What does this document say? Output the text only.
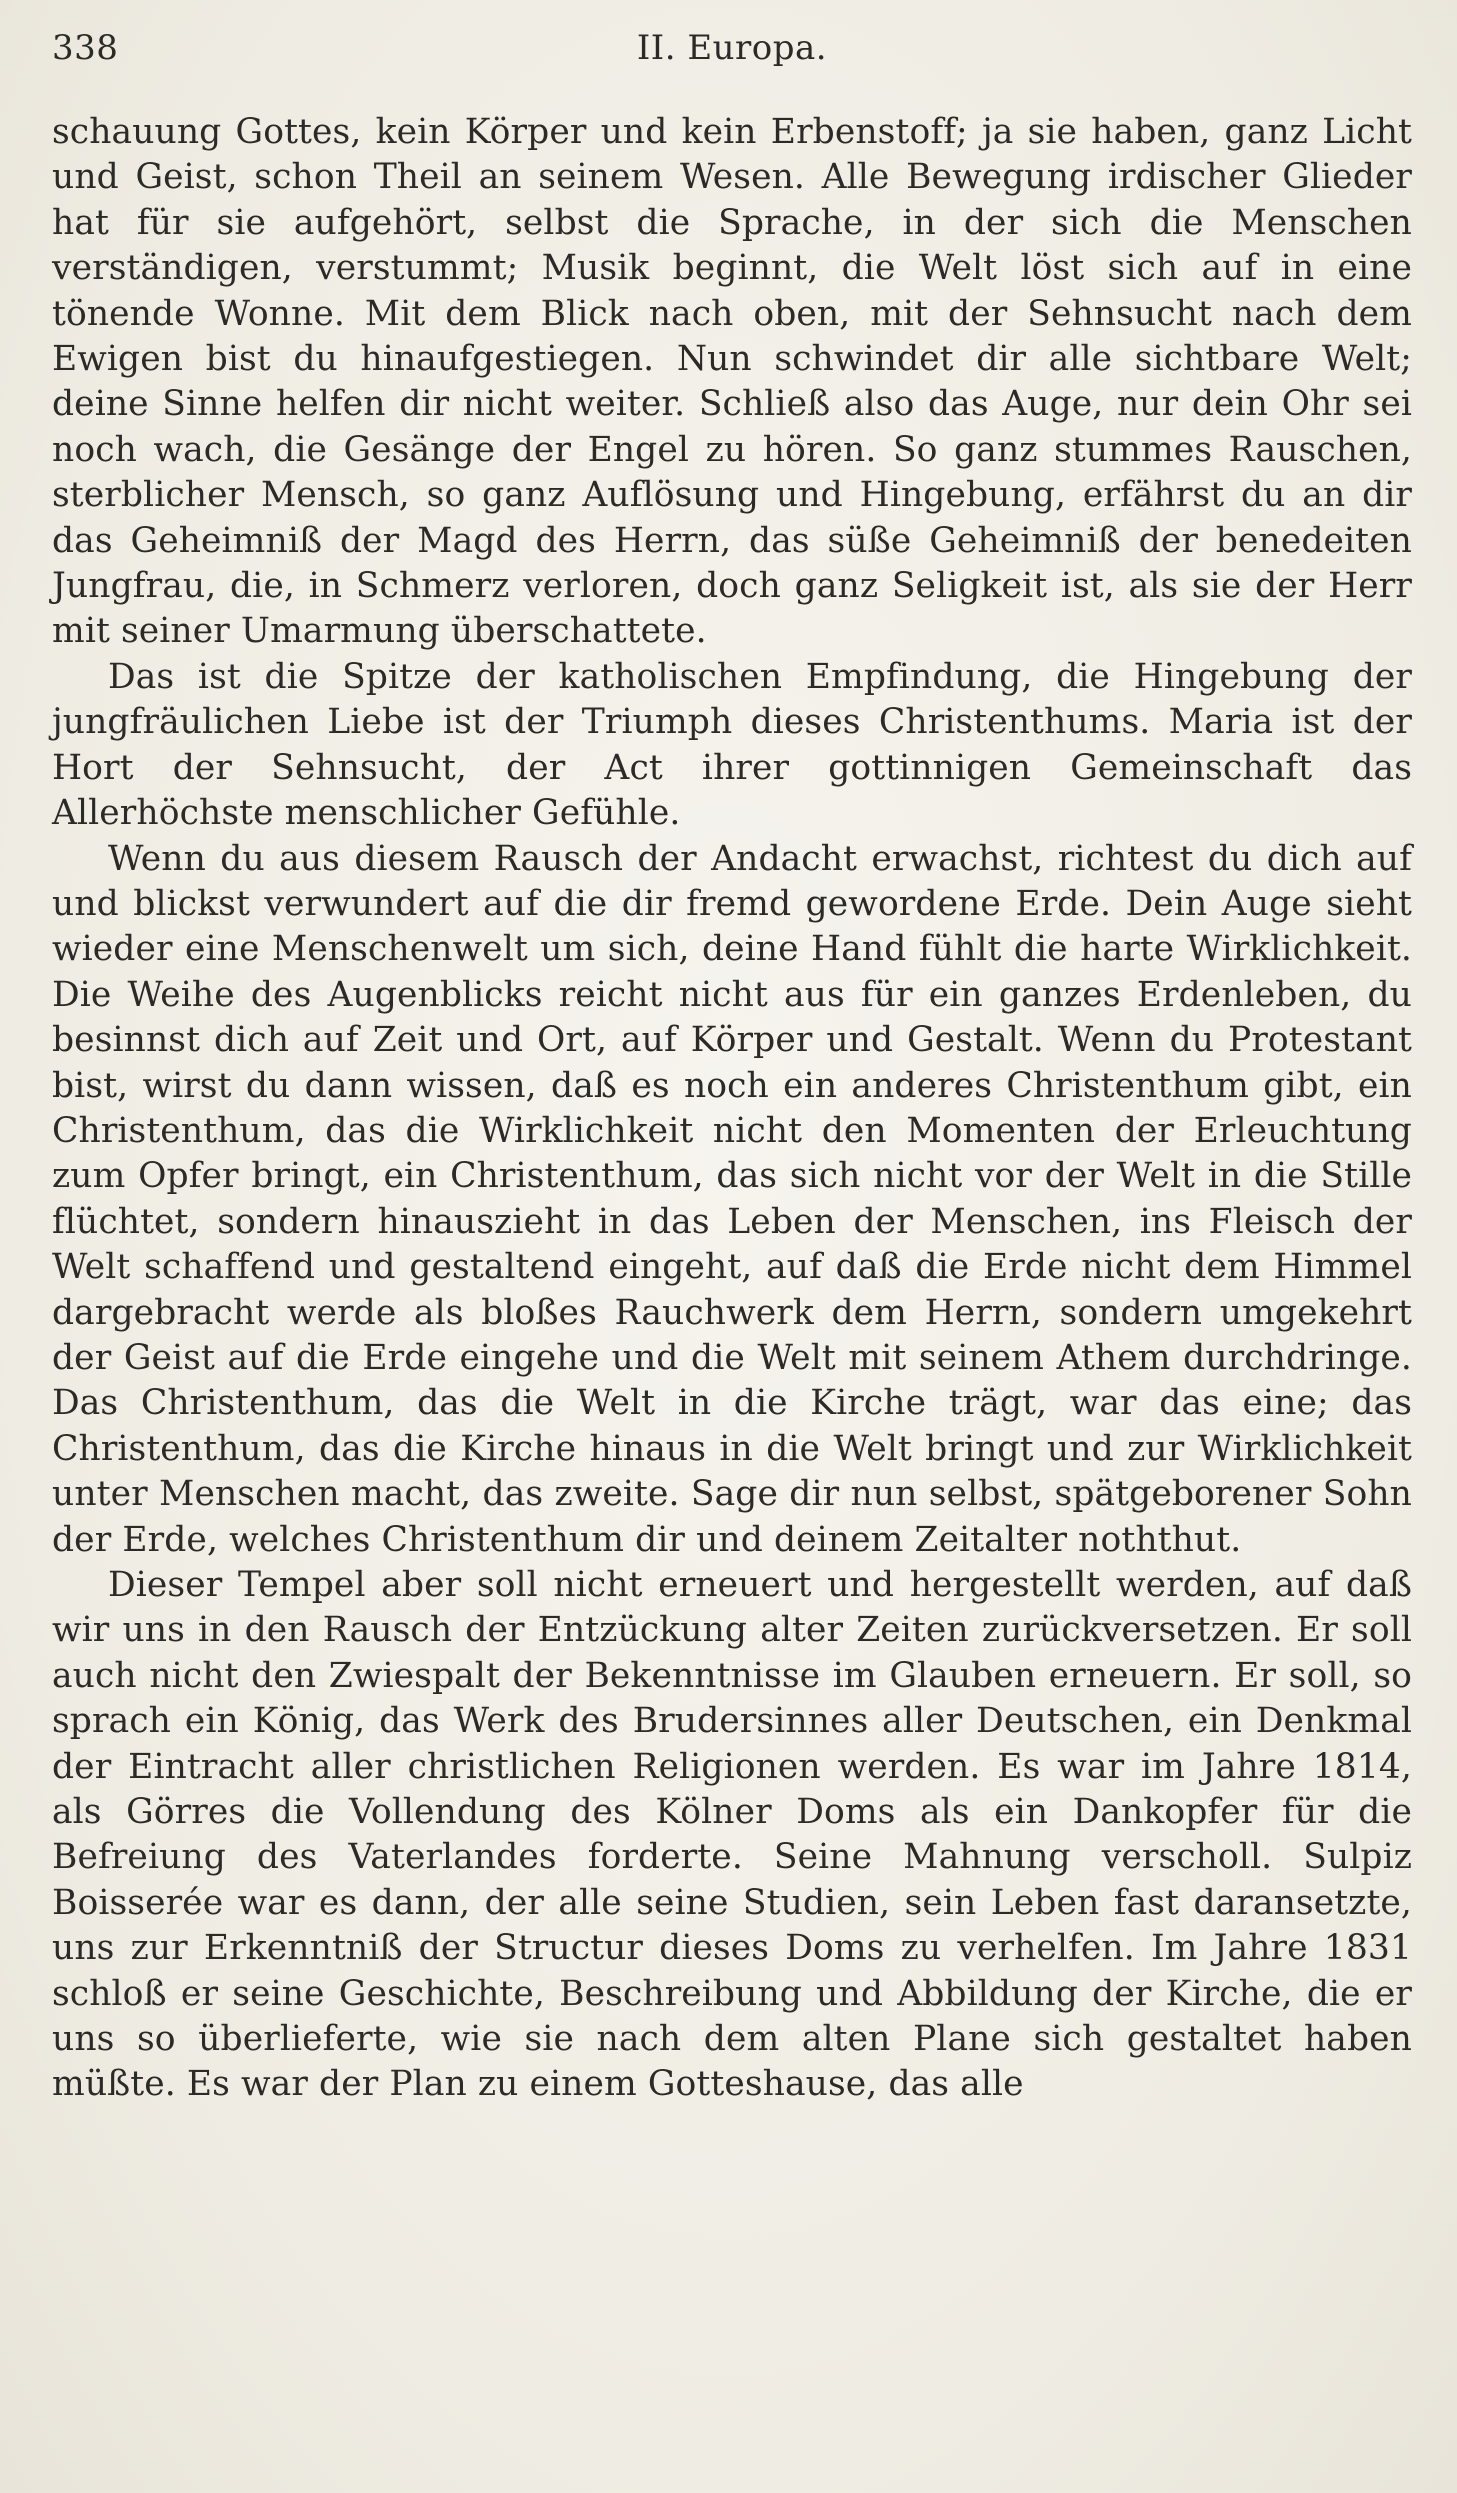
338	II. Europa.

schauung Gottes, kein Körper und kein Erbenstoff; ja sie haben, ganz Licht und Geist, schon Theil an seinem Wesen. Alle Bewegung irdischer Glieder hat für sie aufgehört, selbst die Sprache, in der sich die Menschen verständigen, verstummt; Musik beginnt, die Welt löst sich auf in eine tönende Wonne. Mit dem Blick nach oben, mit der Sehnsucht nach dem Ewigen bist du hinaufgestiegen. Nun schwindet dir alle sichtbare Welt; deine Sinne helfen dir nicht weiter. Schließ also das Auge, nur dein Ohr sei noch wach, die Gesänge der Engel zu hören. So ganz stummes Rauschen, sterblicher Mensch, so ganz Auflösung und Hingebung, erfährst du an dir das Geheimniß der Magd des Herrn, das süße Geheimniß der benedeiten Jungfrau, die, in Schmerz verloren, doch ganz Seligkeit ist, als sie der Herr mit seiner Umarmung überschattete.

Das ist die Spitze der katholischen Empfindung, die Hingebung der jungfräulichen Liebe ist der Triumph dieses Christenthums. Maria ist der Hort der Sehnsucht, der Act ihrer gottinnigen Gemeinschaft das Allerhöchste menschlicher Gefühle.

Wenn du aus diesem Rausch der Andacht erwachst, richtest du dich auf und blickst verwundert auf die dir fremd gewordene Erde. Dein Auge sieht wieder eine Menschenwelt um sich, deine Hand fühlt die harte Wirklichkeit. Die Weihe des Augenblicks reicht nicht aus für ein ganzes Erdenleben, du besinnst dich auf Zeit und Ort, auf Körper und Gestalt. Wenn du Protestant bist, wirst du dann wissen, daß es noch ein anderes Christenthum gibt, ein Christenthum, das die Wirklichkeit nicht den Momenten der Erleuchtung zum Opfer bringt, ein Christenthum, das sich nicht vor der Welt in die Stille flüchtet, sondern hinauszieht in das Leben der Menschen, ins Fleisch der Welt schaffend und gestaltend eingeht, auf daß die Erde nicht dem Himmel dargebracht werde als bloßes Rauchwerk dem Herrn, sondern umgekehrt der Geist auf die Erde eingehe und die Welt mit seinem Athem durchdringe. Das Christenthum, das die Welt in die Kirche trägt, war das eine; das Christenthum, das die Kirche hinaus in die Welt bringt und zur Wirklichkeit unter Menschen macht, das zweite. Sage dir nun selbst, spätgeborener Sohn der Erde, welches Christenthum dir und deinem Zeitalter noththut.

Dieser Tempel aber soll nicht erneuert und hergestellt werden, auf daß wir uns in den Rausch der Entzückung alter Zeiten zurückversetzen. Er soll auch nicht den Zwiespalt der Bekenntnisse im Glauben erneuern. Er soll, so sprach ein König, das Werk des Brudersinnes aller Deutschen, ein Denkmal der Eintracht aller christlichen Religionen werden. Es war im Jahre 1814, als Görres die Vollendung des Kölner Doms als ein Dankopfer für die Befreiung des Vaterlandes forderte. Seine Mahnung verscholl. Sulpiz Boisserée war es dann, der alle seine Studien, sein Leben fast daransetzte, uns zur Erkenntniß der Structur dieses Doms zu verhelfen. Im Jahre 1831 schloß er seine Geschichte, Beschreibung und Abbildung der Kirche, die er uns so überlieferte, wie sie nach dem alten Plane sich gestaltet haben müßte. Es war der Plan zu einem Gotteshause, das alle
